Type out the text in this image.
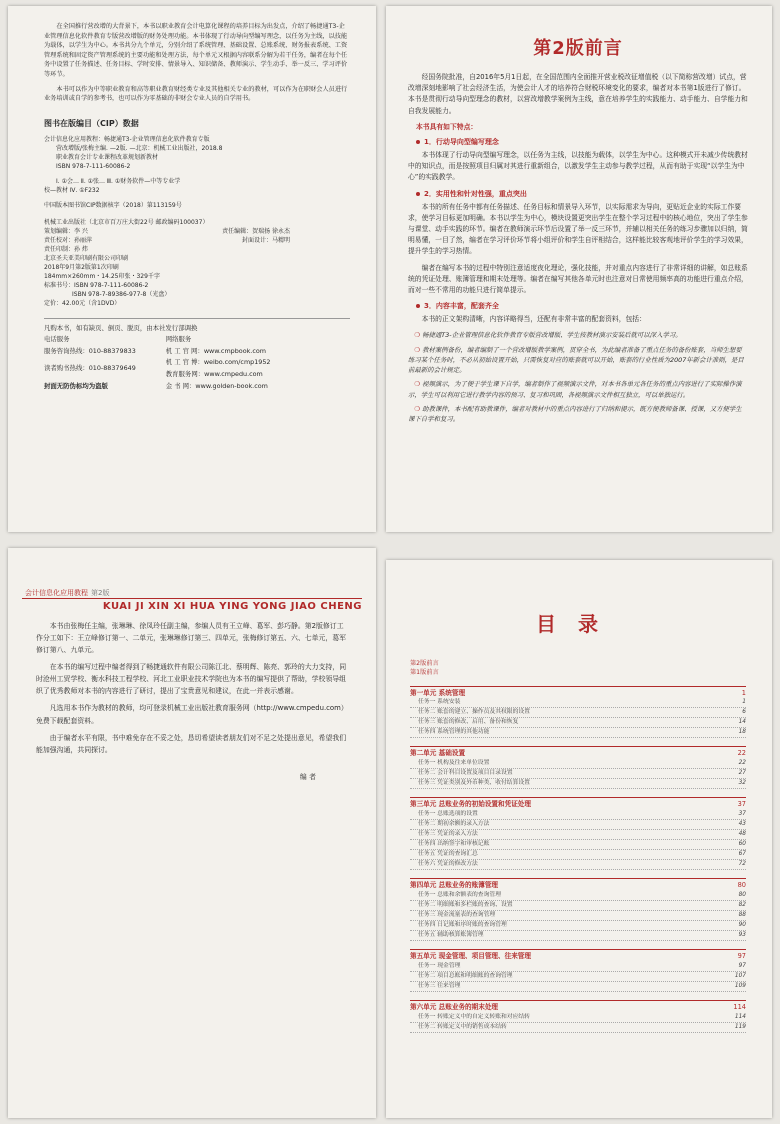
在全国推行营改增的大背景下，本书以职业教育会计电算化课程的培养目标为出发点，介绍了畅捷通T3-企业管理信息化软件教育专版营改增版的财务处理功能。本书体现了行动导向型编写理念，以任务为主线，以技能为载体，以学生为中心。本书共分九个单元，分别介绍了系统管理、基础设置、总账系统、财务报表系统、工资管理系统和固定资产管理系统的主要功能和处理方法，每个单元又根据内容联系分解为若干任务，编者在每个任务中设置了任务描述、任务目标、学时安排、情景导入、知识储备、教师演示、学生动手、举一反三、学习评价等环节。

本书可以作为中等职业教育和高等职业教育财经类专业及其他相关专业的教材，可以作为在职财会人员进行业务培训或自学的参考书，也可以作为零基础的非财会专业人员的自学用书。

图书在版编目（CIP）数据
会计信息化应用教程：畅捷通T3-企业管理信息化软件教育专版
营改增版/张梅主编. —2版. —北京：机械工业出版社，2018.8
职业教育会计专业课程改革规划新教材
ISBN 978-7-111-60086-2
Ⅰ. ①会… Ⅱ. ①张… Ⅲ. ①财务软件—中等专业学
校—教材 Ⅳ. ①F232
中国版本图书馆CIP数据核字（2018）第113159号
机械工业出版社（北京市百万庄大街22号 邮政编码100037）
策划编辑：李 兴	责任编辑：贺瑞扬 徐永杰
责任校对：孙丽萍	封面设计：马精明
责任印制：孙 炜
北京圣夫亚美印刷有限公司印刷
2018年9月第2版第1次印刷
184mm×260mm・14.25印张・329千字
标准书号：ISBN 978-7-111-60086-2
ISBN 978-7-89386-977-8（光盘）
定价：42.00元（含1DVD）
凡购本书，如有缺页、倒页、脱页，由本社发行部调换
电话服务
服务咨询热线：010-88379833
读者购书热线：010-88379649
封面无防伪标均为盗版
网络服务
机 工 官 网：www.cmpbook.com
机 工 官 博：weibo.com/cmp1952
教育服务网：www.cmpedu.com
金 书 网：www.golden-book.com
第2版前言

经国务院批准，自2016年5月1日起，在全国范围内全面推开营业税改征增值税（以下简称营改增）试点，营改增深刻地影响了社会经济生活，为使会计人才的培养符合财税环境变化的要求，编者对本书第1版进行了修订。本书是贯彻行动导向型理念的教材，以营改增教学案例为主线，意在培养学生的实践能力、动手能力、自学能力和自我发展能力。

本书具有如下特点：
1．行动导向型编写理念

本书体现了行动导向型编写理念，以任务为主线，以技能为载体，以学生为中心。这种模式开未减少传统教材中的知识点，而是按照项目归属对其进行重新组合，以激发学生主动参与教学过程，从而有助于实现“以学生为中心”的实践教学。

2．实用性和针对性强，重点突出

本书的所有任务中都有任务描述、任务目标和情景导入环节，以实际需求为导向，更贴近企业的实际工作要求，使学习目标更加明确。本书以学生为中心，模块设置更突出学生在整个学习过程中的核心地位，突出了学生参与课堂、动手实践的环节。编者在教师演示环节后设置了举一反三环节，并辅以相关任务的练习步骤加以归纳，简明易懂，一目了然，编者在学习评价环节将小组评价和学生自评相结合，这样能比较客观地评价学生的学习效果，提升学生的学习热情。

编者在编写本书的过程中特别注意适度夜化理论，强化技能，并对重点内容进行了非常详细的讲解，如总账系统的凭证处理、账簿管理和期末处理等。编者在编写其他各单元时也注意对日常使用频率高的功能进行重点介绍，而对一些不常用的功能只进行简单提示。

3．内容丰富，配套齐全

本书的正文架构清晰，内容详略得当，还配有非常丰富的配套资料，包括：

❍ 畅捷通T3-企业管理信息化软件教育专版营改增版、学生按教材演示安装后就可以深入学习。

❍ 教材案例备份，编者编制了一个营改增版教学案例，贯穿全书，为此编者准备了重点任务的备份账套，当师生想要练习某个任务时，不必从初始设置开始，只需恢复对应的账套就可以开始，账套的行业性质为2007年新会计准则，是目前最新的会计规定。

❍ 视频演示，为了便于学生课下自学，编者制作了视频演示文件，对本书各单元各任务的重点内容进行了实际操作演示，学生可以利用它进行教学内容的预习、复习和巩固，各视频演示文件相互独立，可以单独运行。

❍ 助教课件，本书配有助教课件，编者对教材中的重点内容进行了归纳和提示，既方便教师备课、授课，又方便学生课下自学和复习。

会计信息化应用教程 第2版
KUAI JI XIN XI HUA YING YONG JIAO CHENG

本书由张梅任主编，张琳琳、徐凤玲任副主编，参编人员有王立峰、葛军、彭巧静。第2版修订工作分工如下：王立峰修订第一、二单元，张琳琳修订第三、四单元，张梅修订第五、六、七单元，葛军修订第八、九单元。

在本书的编写过程中编者得到了畅捷通软件有限公司陈江北、蔡明辉、陈亮、郭玲的大力支持，同时沧州工贸学校、衡水科技工程学校、河北工业职业技术学院也为本书的编写提供了帮助，学校领导组织了优秀教师对本书的内容进行了研讨，提出了宝贵意见和建议，在此一并表示感谢。

凡选用本书作为教材的教师，均可登录机械工业出版社教育服务网（http://www.cmpedu.com）免费下载配套资料。

由于编者水平有限，书中难免存在不妥之处，恳切希望读者朋友们对不足之处提出意见，希望我们能加强沟通，共同探讨。

编 者
目录
第2版前言
第1版前言
第一单元 系统管理	1
任务一 系统安装	1
任务二 账套的建立、操作员及其权限的设置	6
任务三 账套的修改、启用、备份和恢复	14
任务四 系统管理的其他功能	18
第二单元 基础设置	22
任务一 机构及往来单位设置	22
任务二 会计科目设置及项目目录设置	27
任务三 凭证类别及外币种类、收付结算设置	32
第三单元 总账业务的初始设置和凭证处理	37
任务一 总账选项的设置	37
任务二 期初余额的录入方法	43
任务三 凭证的录入方法	48
任务四 出纳签字和审核记账	60
任务五 凭证的查询汇总	67
任务六 凭证的修改方法	72
第四单元 总账业务的账簿管理	80
任务一 总账和余额表的查询管理	80
任务二 明细账和多栏账的查询、设置	82
任务三 现金流量表的查询管理	88
任务四 日记账和序时账的查询管理	90
任务五 辅助核算账簿管理	93
第五单元 现金管理、项目管理、往来管理	97
任务一 现金管理	97
任务二 项目总账和明细账的查询管理	107
任务三 往来管理	109
第六单元 总账业务的期末处理	114
任务一 转账定义中的自定义转账和对应结转	114
任务二 转账定义中的销售成本结转	119
